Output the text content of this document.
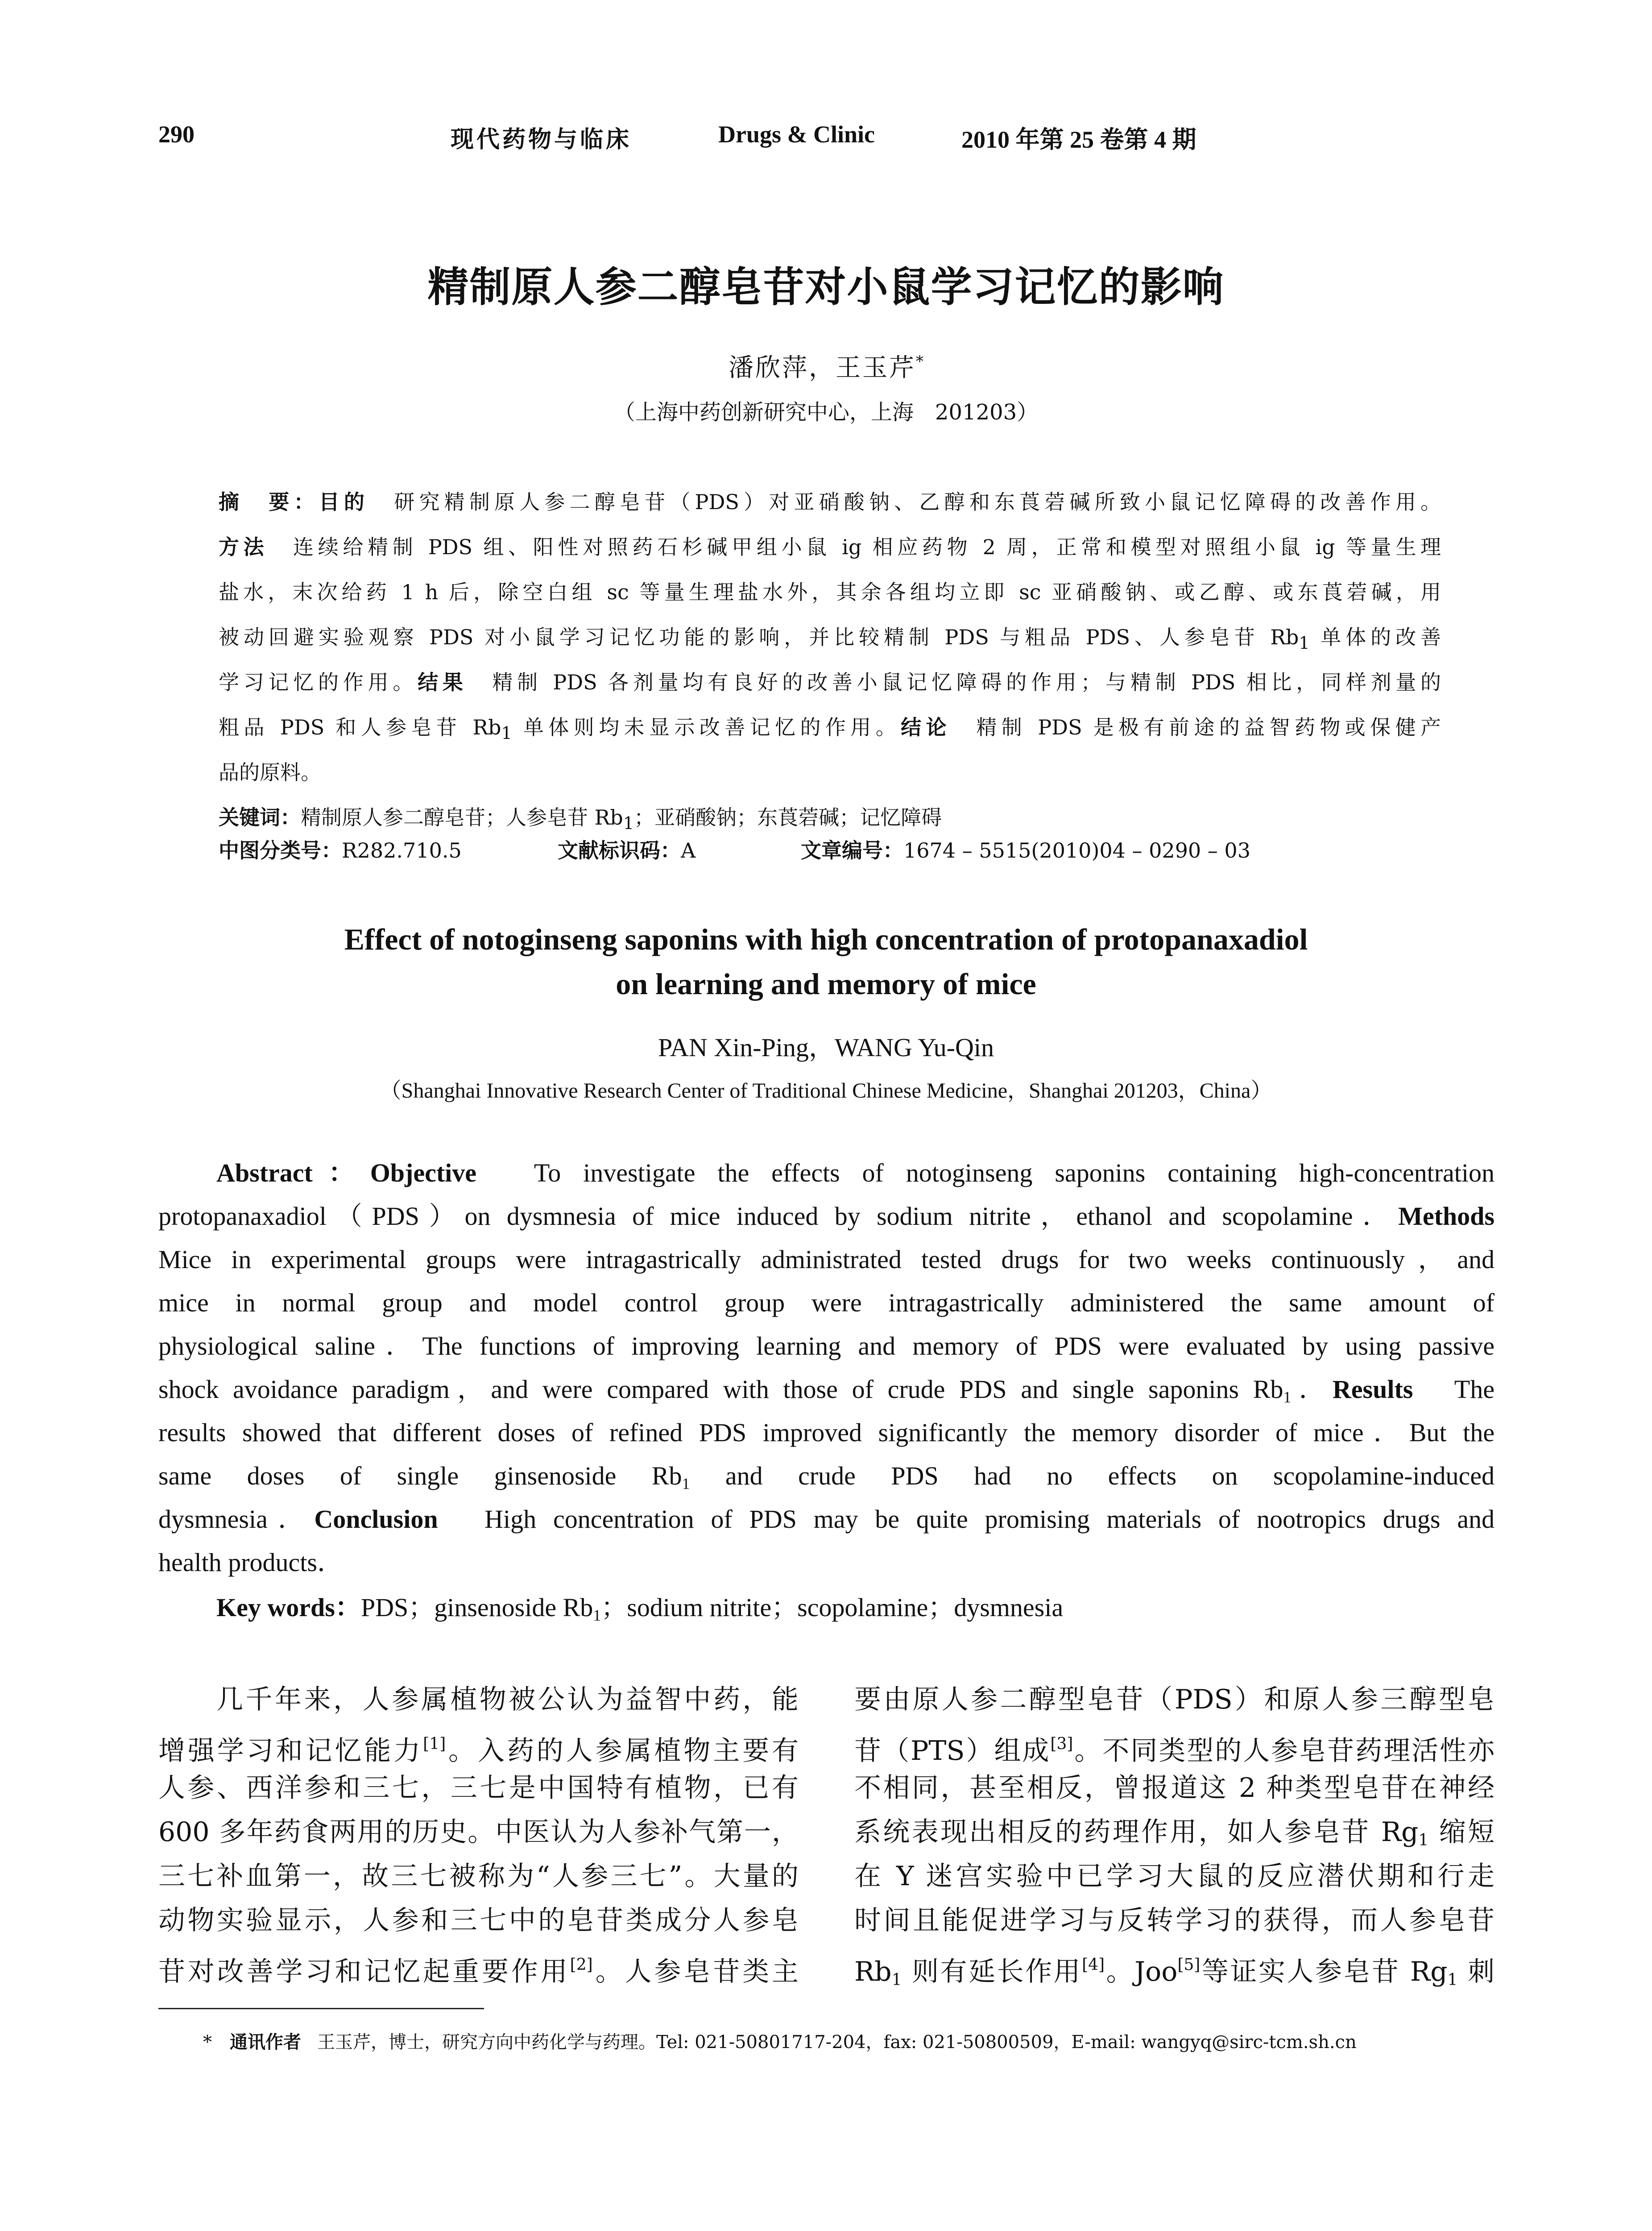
290	现代药物与临床	Drugs & Clinic	2010 年第 25 卷第 4 期
精制原人参二醇皂苷对小鼠学习记忆的影响
潘欣萍，王玉芹*
（上海中药创新研究中心，上海　201203）
摘　要：目的　研究精制原人参二醇皂苷（PDS）对亚硝酸钠、乙醇和东莨菪碱所致小鼠记忆障碍的改善作用。
方法　连续给精制 PDS 组、阳性对照药石杉碱甲组小鼠 ig 相应药物 2 周，正常和模型对照组小鼠 ig 等量生理
盐水，末次给药 1 h 后，除空白组 sc 等量生理盐水外，其余各组均立即 sc 亚硝酸钠、或乙醇、或东莨菪碱，用
被动回避实验观察 PDS 对小鼠学习记忆功能的影响，并比较精制 PDS 与粗品 PDS、人参皂苷 $Rb_1$ 单体的改善
学习记忆的作用。结果　精制 PDS 各剂量均有良好的改善小鼠记忆障碍的作用；与精制 PDS 相比，同样剂量的
粗品 PDS 和人参皂苷 $Rb_1$ 单体则均未显示改善记忆的作用。结论　精制 PDS 是极有前途的益智药物或保健产
品的原料。
关键词：精制原人参二醇皂苷；人参皂苷 $Rb_1$；亚硝酸钠；东莨菪碱；记忆障碍
中图分类号：R282.710.5	文献标识码：A	文章编号：1674 – 5515(2010)04 – 0290 – 03
Effect of notoginseng saponins with high concentration of protopanaxadiol
on learning and memory of mice
PAN Xin-Ping，WANG Yu-Qin
（Shanghai Innovative Research Center of Traditional Chinese Medicine，Shanghai 201203，China）
Abstract：Objective　To investigate the effects of notoginseng saponins containing high-concentration
protopanaxadiol（PDS）on dysmnesia of mice induced by sodium nitrite，ethanol and scopolamine．Methods
Mice in experimental groups were intragastrically administrated tested drugs for two weeks continuously，and
mice in normal group and model control group were intragastrically administered the same amount of
physiological saline．The functions of improving learning and memory of PDS were evaluated by using passive
shock avoidance paradigm，and were compared with those of crude PDS and single saponins $Rb_1$．Results　The
results showed that different doses of refined PDS improved significantly the memory disorder of mice．But the
same doses of single ginsenoside $Rb_1$ and crude PDS had no effects on scopolamine-induced
dysmnesia．Conclusion　High concentration of PDS may be quite promising materials of nootropics drugs and
health products．
Key words：PDS；ginsenoside $Rb_1$；sodium nitrite；scopolamine；dysmnesia
几千年来，人参属植物被公认为益智中药，能
增强学习和记忆能力[1]。入药的人参属植物主要有
人参、西洋参和三七，三七是中国特有植物，已有
600 多年药食两用的历史。中医认为人参补气第一，
三七补血第一，故三七被称为“人参三七”。大量的
动物实验显示，人参和三七中的皂苷类成分人参皂
苷对改善学习和记忆起重要作用[2]。人参皂苷类主
要由原人参二醇型皂苷（PDS）和原人参三醇型皂
苷（PTS）组成[3]。不同类型的人参皂苷药理活性亦
不相同，甚至相反，曾报道这 2 种类型皂苷在神经
系统表现出相反的药理作用，如人参皂苷 $Rg_1$ 缩短
在 Y 迷宫实验中已学习大鼠的反应潜伏期和行走
时间且能促进学习与反转学习的获得，而人参皂苷
$Rb_1$ 则有延长作用[4]。Joo[5]等证实人参皂苷 $Rg_1$ 刺
* 通讯作者 王玉芹，博士，研究方向中药化学与药理。Tel: 021-50801717-204，fax: 021-50800509，E-mail: wangyq@sirc-tcm.sh.cn
